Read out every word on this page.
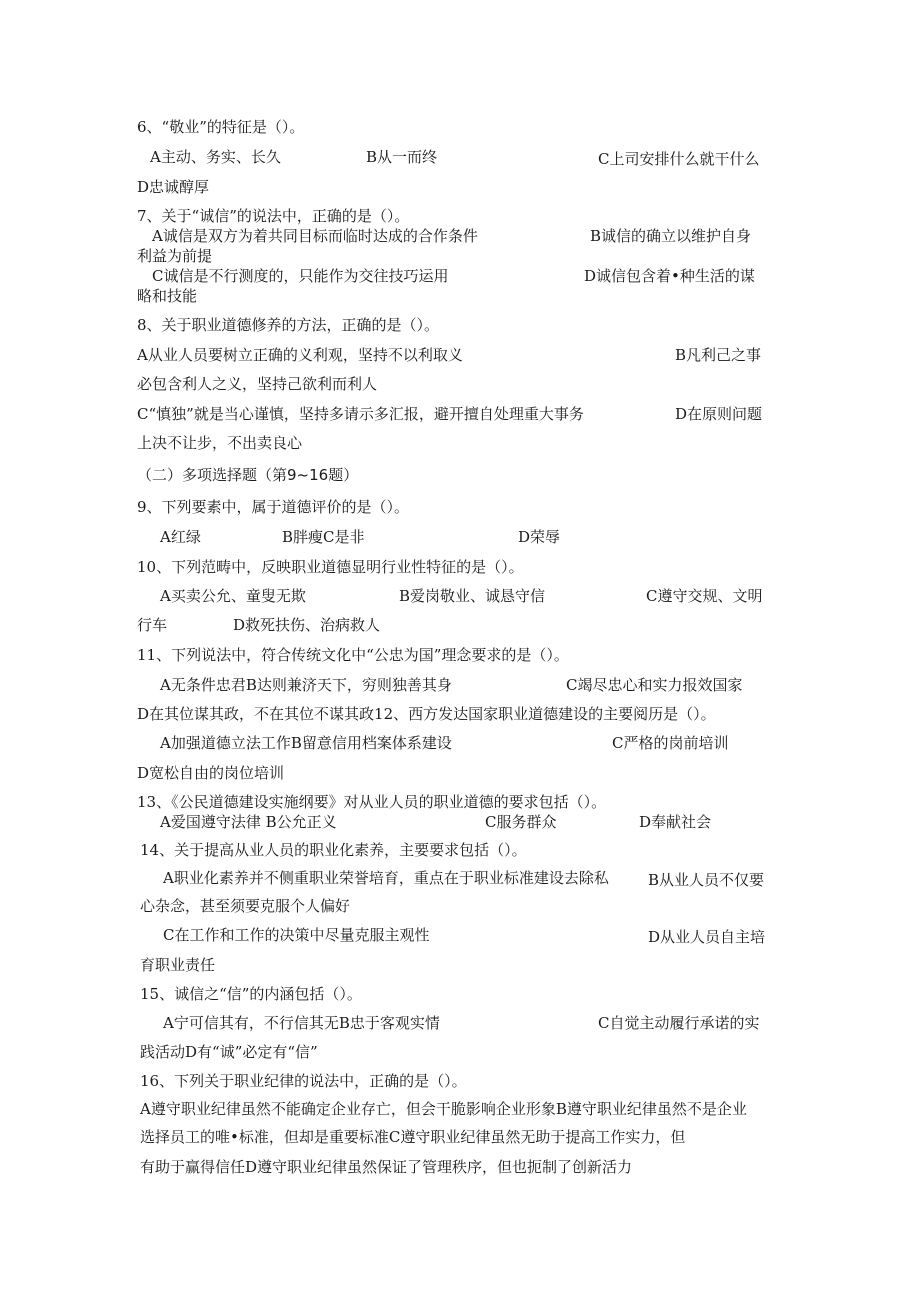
6、“敬业”的特征是（）。
A主动、务实、长久	B从一而终	C上司安排什么就干什么
D忠诚醇厚
7、关于“诚信”的说法中，正确的是（）。
A诚信是双方为着共同目标而临时达成的合作条件	B诚信的确立以维护自身
利益为前提
C诚信是不行测度的，只能作为交往技巧运用	D诚信包含着•种生活的谋
略和技能
8、关于职业道德修养的方法，正确的是（）。
A从业人员要树立正确的义利观，坚持不以利取义	B凡利己之事
必包含利人之义，坚持己欲利而利人
C“慎独”就是当心谨慎，坚持多请示多汇报，避开擅自处理重大事务	D在原则问题
上决不让步，不出卖良心
（二）多项选择题（第9~16题）
9、下列要素中，属于道德评价的是（）。
A红绿	B胖瘦C是非	D荣辱
10、下列范畴中，反映职业道德显明行业性特征的是（）。
A买卖公允、童叟无欺	B爱岗敬业、诚恳守信	C遵守交规、文明
行车	D救死扶伤、治病救人
11、下列说法中，符合传统文化中“公忠为国”理念要求的是（）。
A无条件忠君B达则兼济天下，穷则独善其身	C竭尽忠心和实力报效国家
D在其位谋其政，不在其位不谋其政12、西方发达国家职业道德建设的主要阅历是（）。
A加强道德立法工作B留意信用档案体系建设	C严格的岗前培训
D宽松自由的岗位培训
13、《公民道德建设实施纲要》对从业人员的职业道德的要求包括（）。
A爱国遵守法律 B公允正义	C服务群众	D奉献社会
14、关于提高从业人员的职业化素养，主要要求包括（）。
A职业化素养并不侧重职业荣誉培育，重点在于职业标准建设去除私	B从业人员不仅要
心杂念，甚至须要克服个人偏好
C在工作和工作的决策中尽量克服主观性	D从业人员自主培
育职业责任
15、诚信之“信”的内涵包括（）。
A宁可信其有，不行信其无B忠于客观实情	C自觉主动履行承诺的实
践活动D有“诚”必定有“信”
16、下列关于职业纪律的说法中，正确的是（）。
A遵守职业纪律虽然不能确定企业存亡，但会干脆影响企业形象B遵守职业纪律虽然不是企业
选择员工的唯•标准，但却是重要标准C遵守职业纪律虽然无助于提高工作实力，但
有助于赢得信任D遵守职业纪律虽然保证了管理秩序，但也扼制了创新活力
